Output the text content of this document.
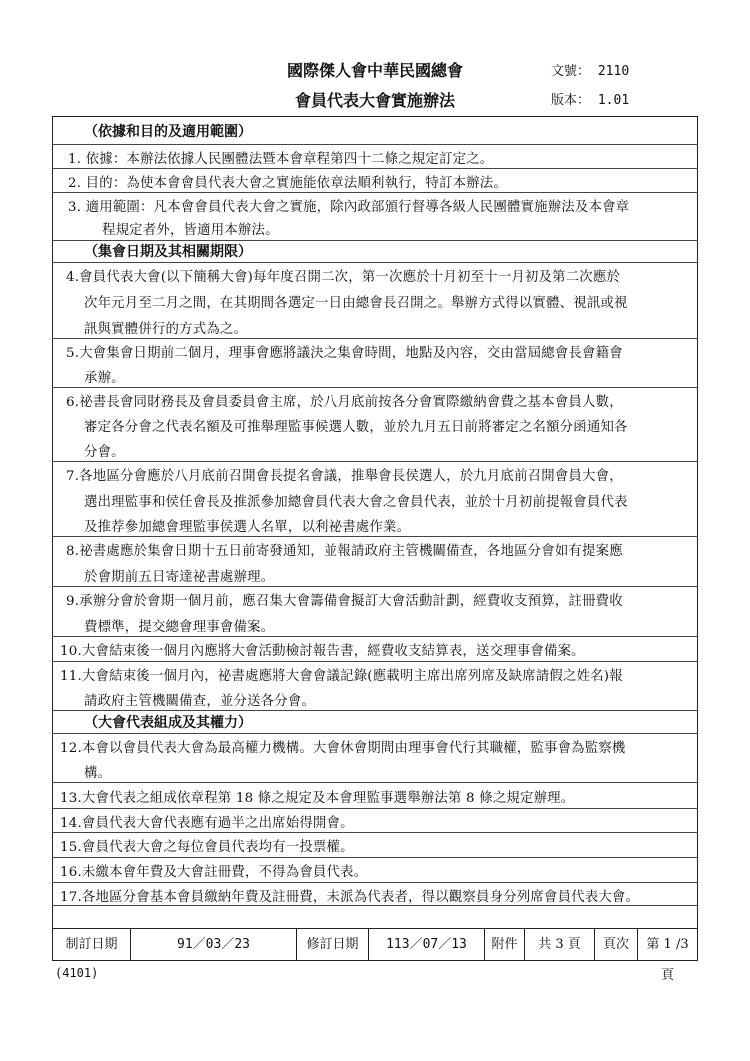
國際傑人會中華民國總會
會員代表大會實施辦法
文號： 2110
版本： 1.01
（依據和目的及適用範圍）
（集會日期及其相關期限）
（大會代表組成及其權力）
1. 依據：本辦法依據人民團體法暨本會章程第四十二條之規定訂定之。
2. 目的：為使本會會員代表大會之實施能依章法順利執行，特訂本辦法。
3. 適用範圍：凡本會會員代表大會之實施，除內政部頒行督導各級人民團體實施辦法及本會章
程規定者外，皆適用本辦法。
4.會員代表大會(以下簡稱大會)每年度召開二次，第一次應於十月初至十一月初及第二次應於
次年元月至二月之間，在其期間各選定一日由總會長召開之。舉辦方式得以實體、視訊或視
訊與實體併行的方式為之。
5.大會集會日期前二個月，理事會應將議決之集會時間，地點及內容，交由當屆總會長會籍會
承辦。
6.祕書長會同財務長及會員委員會主席，於八月底前按各分會實際繳納會費之基本會員人數，
審定各分會之代表名額及可推舉理監事候選人數，並於九月五日前將審定之名額分函通知各
分會。
7.各地區分會應於八月底前召開會長提名會議，推舉會長侯選人，於九月底前召開會員大會，
選出理監事和侯任會長及推派參加總會員代表大會之會員代表，並於十月初前提報會員代表
及推荐參加總會理監事侯選人名單，以利祕書處作業。
8.祕書處應於集會日期十五日前寄發通知，並報請政府主管機關備查，各地區分會如有提案應
於會期前五日寄達祕書處辦理。
9.承辦分會於會期一個月前，應召集大會籌備會擬訂大會活動計劃，經費收支預算，註冊費收
費標準，提交總會理事會備案。
10.大會結束後一個月內應將大會活動檢討報告書，經費收支結算表，送交理事會備案。
11.大會結束後一個月內，祕書處應將大會會議記錄(應載明主席出席列席及缺席請假之姓名)報
請政府主管機關備查，並分送各分會。
12.本會以會員代表大會為最高權力機構。大會休會期間由理事會代行其職權，監事會為監察機
構。
13.大會代表之組成依章程第 18 條之規定及本會理監事選舉辦法第 8 條之規定辦理。
14.會員代表大會代表應有過半之出席始得開會。
15.會員代表大會之每位會員代表均有一投票權。
16.未繳本會年費及大會註冊費，不得為會員代表。
17.各地區分會基本會員繳納年費及註冊費，未派為代表者，得以觀察員身分列席會員代表大會。
制訂日期	91／03／23	修訂日期	113／07／13	附件	共 3 頁	頁次	第 1 /3 頁
(4101)
